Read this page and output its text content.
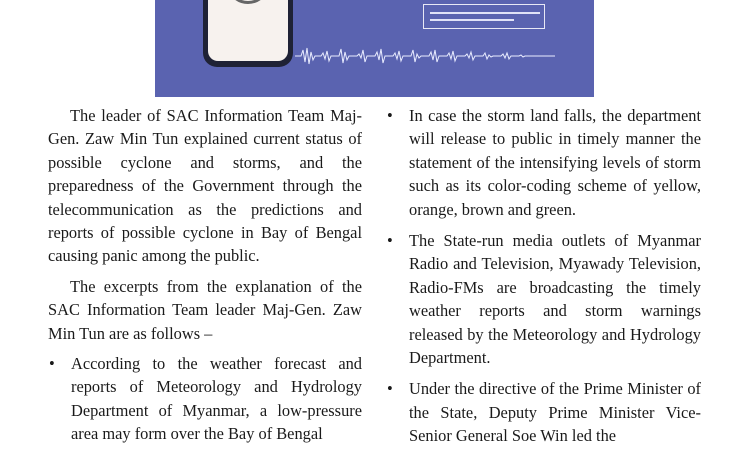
The leader of SAC Information Team Maj-Gen. Zaw Min Tun explained current status of possible cyclone and storms, and the preparedness of the Government through the telecommunication as the predictions and reports of possible cyclone in Bay of Bengal causing panic among the public.

The excerpts from the explanation of the SAC Information Team leader Maj-Gen. Zaw Min Tun are as follows –

• According to the weather forecast and reports of Meteorology and Hydrology Department of Myanmar, a low-pressure area may form over the Bay of Bengal
• In case the storm land falls, the department will release to public in timely manner the statement of the intensifying levels of storm such as its color-coding scheme of yellow, orange, brown and green.
• The State-run media outlets of Myanmar Radio and Television, Myawady Television, Radio-FMs are broadcasting the timely weather reports and storm warnings released by the Meteorology and Hydrology Department.
• Under the directive of the Prime Minister of the State, Deputy Prime Minister Vice-Senior General Soe Win led the
